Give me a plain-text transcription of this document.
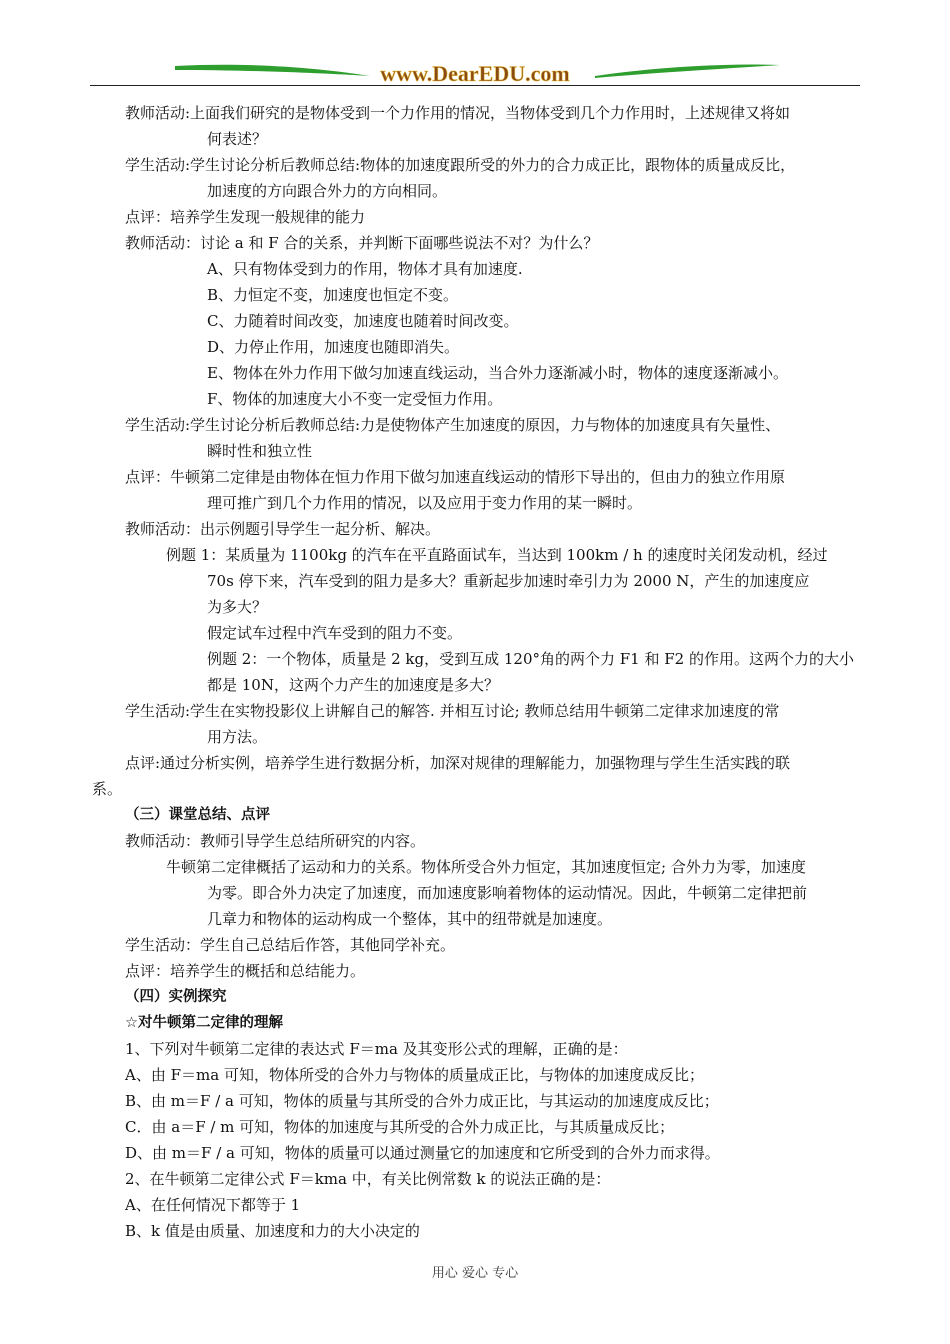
www.DearEDU.com
教师活动:上面我们研究的是物体受到一个力作用的情况，当物体受到几个力作用时，上述规律又将如
何表述？
学生活动:学生讨论分析后教师总结:物体的加速度跟所受的外力的合力成正比，跟物体的质量成反比，
加速度的方向跟合外力的方向相同。
点评：培养学生发现一般规律的能力
教师活动：讨论 a 和 F 合的关系，并判断下面哪些说法不对？为什么？
A、只有物体受到力的作用，物体才具有加速度.
B、力恒定不变，加速度也恒定不变。
C、力随着时间改变，加速度也随着时间改变。
D、力停止作用，加速度也随即消失。
E、物体在外力作用下做匀加速直线运动，当合外力逐渐减小时，物体的速度逐渐减小。
F、物体的加速度大小不变一定受恒力作用。
学生活动:学生讨论分析后教师总结:力是使物体产生加速度的原因，力与物体的加速度具有矢量性、
瞬时性和独立性
点评：牛顿第二定律是由物体在恒力作用下做匀加速直线运动的情形下导出的，但由力的独立作用原
理可推广到几个力作用的情况，以及应用于变力作用的某一瞬时。
教师活动：出示例题引导学生一起分析、解决。
例题 1：某质量为 1100kg 的汽车在平直路面试车，当达到 100km / h 的速度时关闭发动机，经过
70s 停下来，汽车受到的阻力是多大？重新起步加速时牵引力为 2000 N，产生的加速度应
为多大？
假定试车过程中汽车受到的阻力不变。
例题 2：一个物体，质量是 2 kg，受到互成 120°角的两个力 F1 和 F2 的作用。这两个力的大小
都是 10N，这两个力产生的加速度是多大？
学生活动:学生在实物投影仪上讲解自己的解答. 并相互讨论; 教师总结用牛顿第二定律求加速度的常
用方法。
点评:通过分析实例，培养学生进行数据分析，加深对规律的理解能力，加强物理与学生生活实践的联
系。
（三）课堂总结、点评
教师活动：教师引导学生总结所研究的内容。
牛顿第二定律概括了运动和力的关系。物体所受合外力恒定，其加速度恒定; 合外力为零，加速度
为零。即合外力决定了加速度，而加速度影响着物体的运动情况。因此，牛顿第二定律把前
几章力和物体的运动构成一个整体，其中的纽带就是加速度。
学生活动：学生自己总结后作答，其他同学补充。
点评：培养学生的概括和总结能力。
（四）实例探究
☆对牛顿第二定律的理解
1、下列对牛顿第二定律的表达式 F＝ma 及其变形公式的理解，正确的是：
A、由 F＝ma 可知，物体所受的合外力与物体的质量成正比，与物体的加速度成反比；
B、由 m＝F / a 可知，物体的质量与其所受的合外力成正比，与其运动的加速度成反比；
C．由 a＝F / m 可知，物体的加速度与其所受的合外力成正比，与其质量成反比；
D、由 m＝F / a 可知，物体的质量可以通过测量它的加速度和它所受到的合外力而求得。
2、在牛顿第二定律公式 F＝kma 中，有关比例常数 k 的说法正确的是：
A、在任何情况下都等于 1
B、k 值是由质量、加速度和力的大小决定的
用心 爱心 专心
